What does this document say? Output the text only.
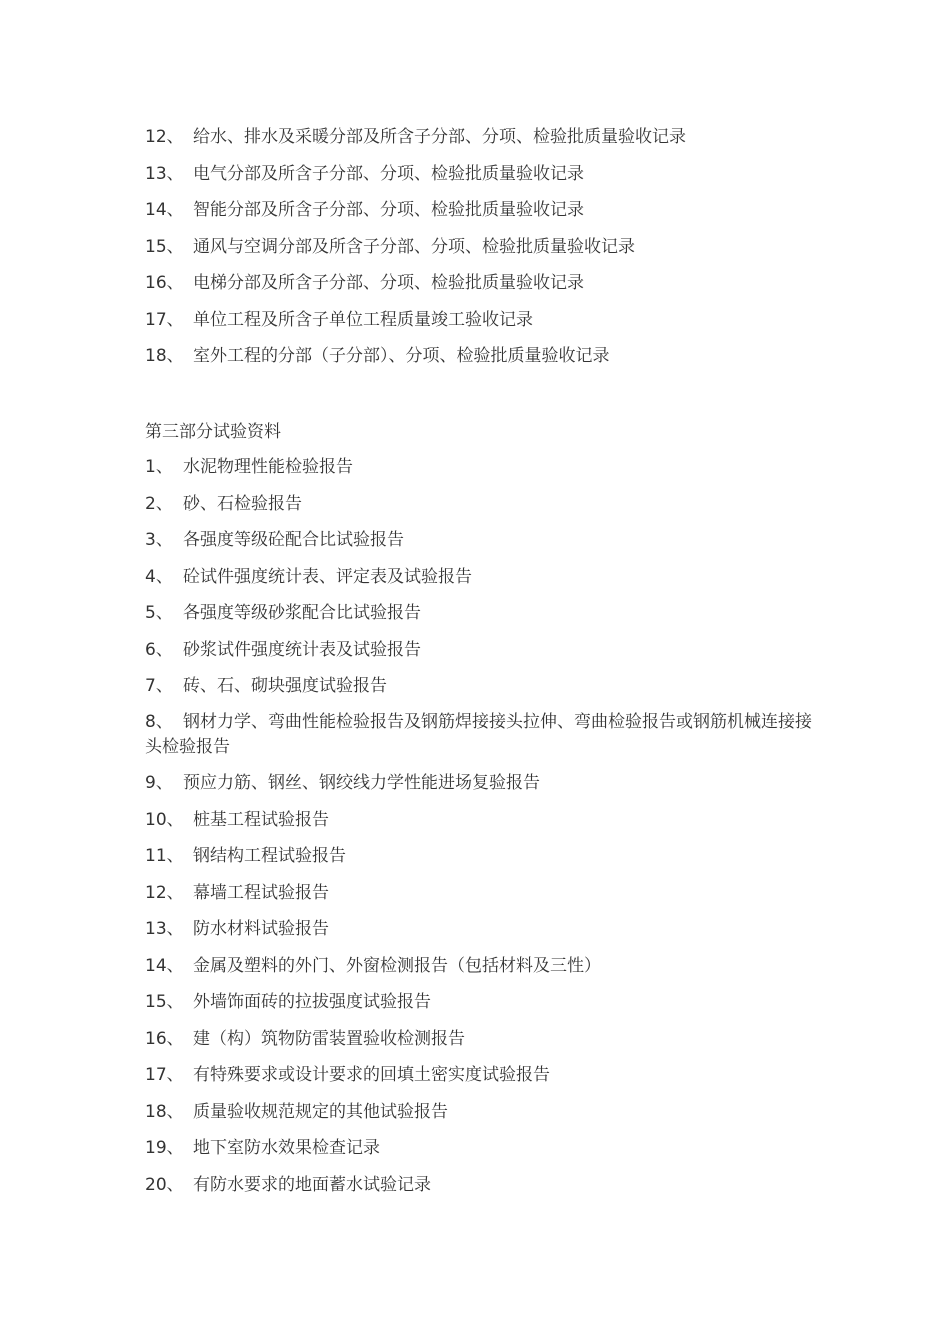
12、 给水、排水及采暖分部及所含子分部、分项、检验批质量验收记录
13、 电气分部及所含子分部、分项、检验批质量验收记录
14、 智能分部及所含子分部、分项、检验批质量验收记录
15、 通风与空调分部及所含子分部、分项、检验批质量验收记录
16、 电梯分部及所含子分部、分项、检验批质量验收记录
17、 单位工程及所含子单位工程质量竣工验收记录
18、 室外工程的分部（子分部）、分项、检验批质量验收记录
第三部分试验资料
1、 水泥物理性能检验报告
2、 砂、石检验报告
3、 各强度等级砼配合比试验报告
4、 砼试件强度统计表、评定表及试验报告
5、 各强度等级砂浆配合比试验报告
6、 砂浆试件强度统计表及试验报告
7、 砖、石、砌块强度试验报告
8、 钢材力学、弯曲性能检验报告及钢筋焊接接头拉伸、弯曲检验报告或钢筋机械连接接头检验报告
9、 预应力筋、钢丝、钢绞线力学性能进场复验报告
10、 桩基工程试验报告
11、 钢结构工程试验报告
12、 幕墙工程试验报告
13、 防水材料试验报告
14、 金属及塑料的外门、外窗检测报告（包括材料及三性）
15、 外墙饰面砖的拉拔强度试验报告
16、 建（构）筑物防雷装置验收检测报告
17、 有特殊要求或设计要求的回填土密实度试验报告
18、 质量验收规范规定的其他试验报告
19、 地下室防水效果检查记录
20、 有防水要求的地面蓄水试验记录
